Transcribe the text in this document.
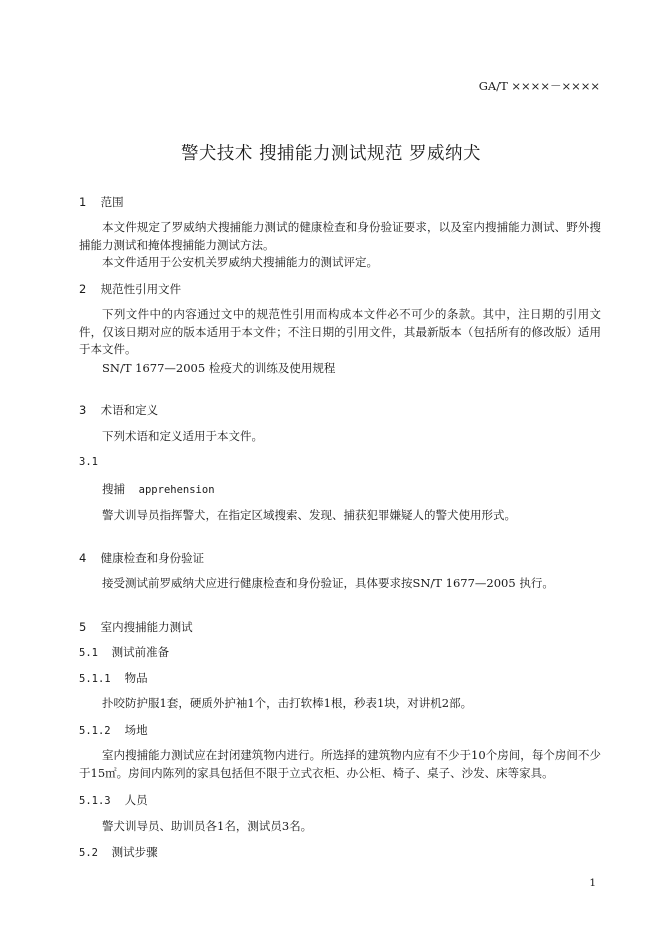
GA/T ××××－××××
警犬技术 搜捕能力测试规范 罗威纳犬
1 范围
本文件规定了罗威纳犬搜捕能力测试的健康检查和身份验证要求，以及室内搜捕能力测试、野外搜捕能力测试和掩体搜捕能力测试方法。
本文件适用于公安机关罗威纳犬搜捕能力的测试评定。
2 规范性引用文件
下列文件中的内容通过文中的规范性引用而构成本文件必不可少的条款。其中，注日期的引用文件，仅该日期对应的版本适用于本文件；不注日期的引用文件，其最新版本（包括所有的修改版）适用于本文件。
SN/T 1677—2005 检疫犬的训练及使用规程
3 术语和定义
下列术语和定义适用于本文件。
3.1
搜捕 apprehension
警犬训导员指挥警犬，在指定区域搜索、发现、捕获犯罪嫌疑人的警犬使用形式。
4 健康检查和身份验证
接受测试前罗威纳犬应进行健康检查和身份验证，具体要求按SN/T 1677—2005 执行。
5 室内搜捕能力测试
5.1 测试前准备
5.1.1 物品
扑咬防护服1套，硬质外护袖1个，击打软棒1根，秒表1块，对讲机2部。
5.1.2 场地
室内搜捕能力测试应在封闭建筑物内进行。所选择的建筑物内应有不少于10个房间，每个房间不少于15㎡。房间内陈列的家具包括但不限于立式衣柜、办公柜、椅子、桌子、沙发、床等家具。
5.1.3 人员
警犬训导员、助训员各1名，测试员3名。
5.2 测试步骤
1
